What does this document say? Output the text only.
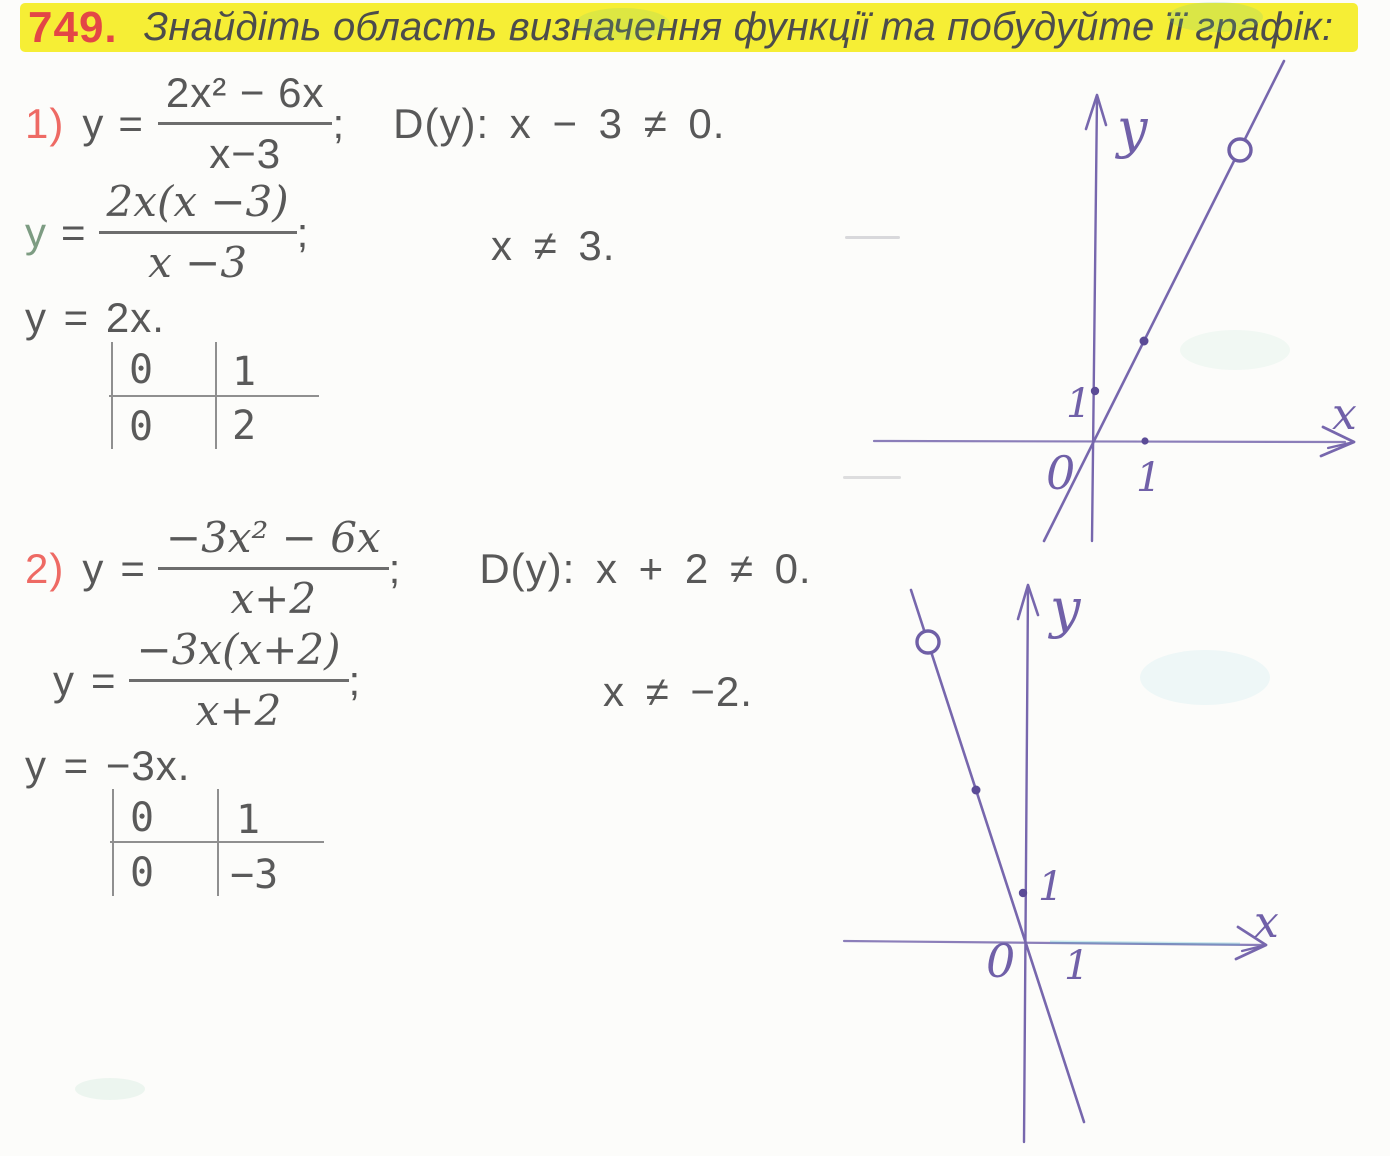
749. Знайдіть область визначення функції та побудуйте її графік:
1) $y = \frac{\text{2x² − 6x}}{x-3}$ ; D(y): x − 3 ≠ 0.
$y = \frac{2x(x -3)}{x -3}$ ;	x ≠ 3.
y = 2x.
0 1
0 2
2) $y = \frac{\text{−3x² − 6x}}{x+2}$ ; D(y): x + 2 ≠ 0.
$y = \frac{-3x(x+2)}{x+2}$ ;	x ≠ −2.
y = −3x.
0 1
0 −3
у
х
1
1
0
у
х
1
1
0
